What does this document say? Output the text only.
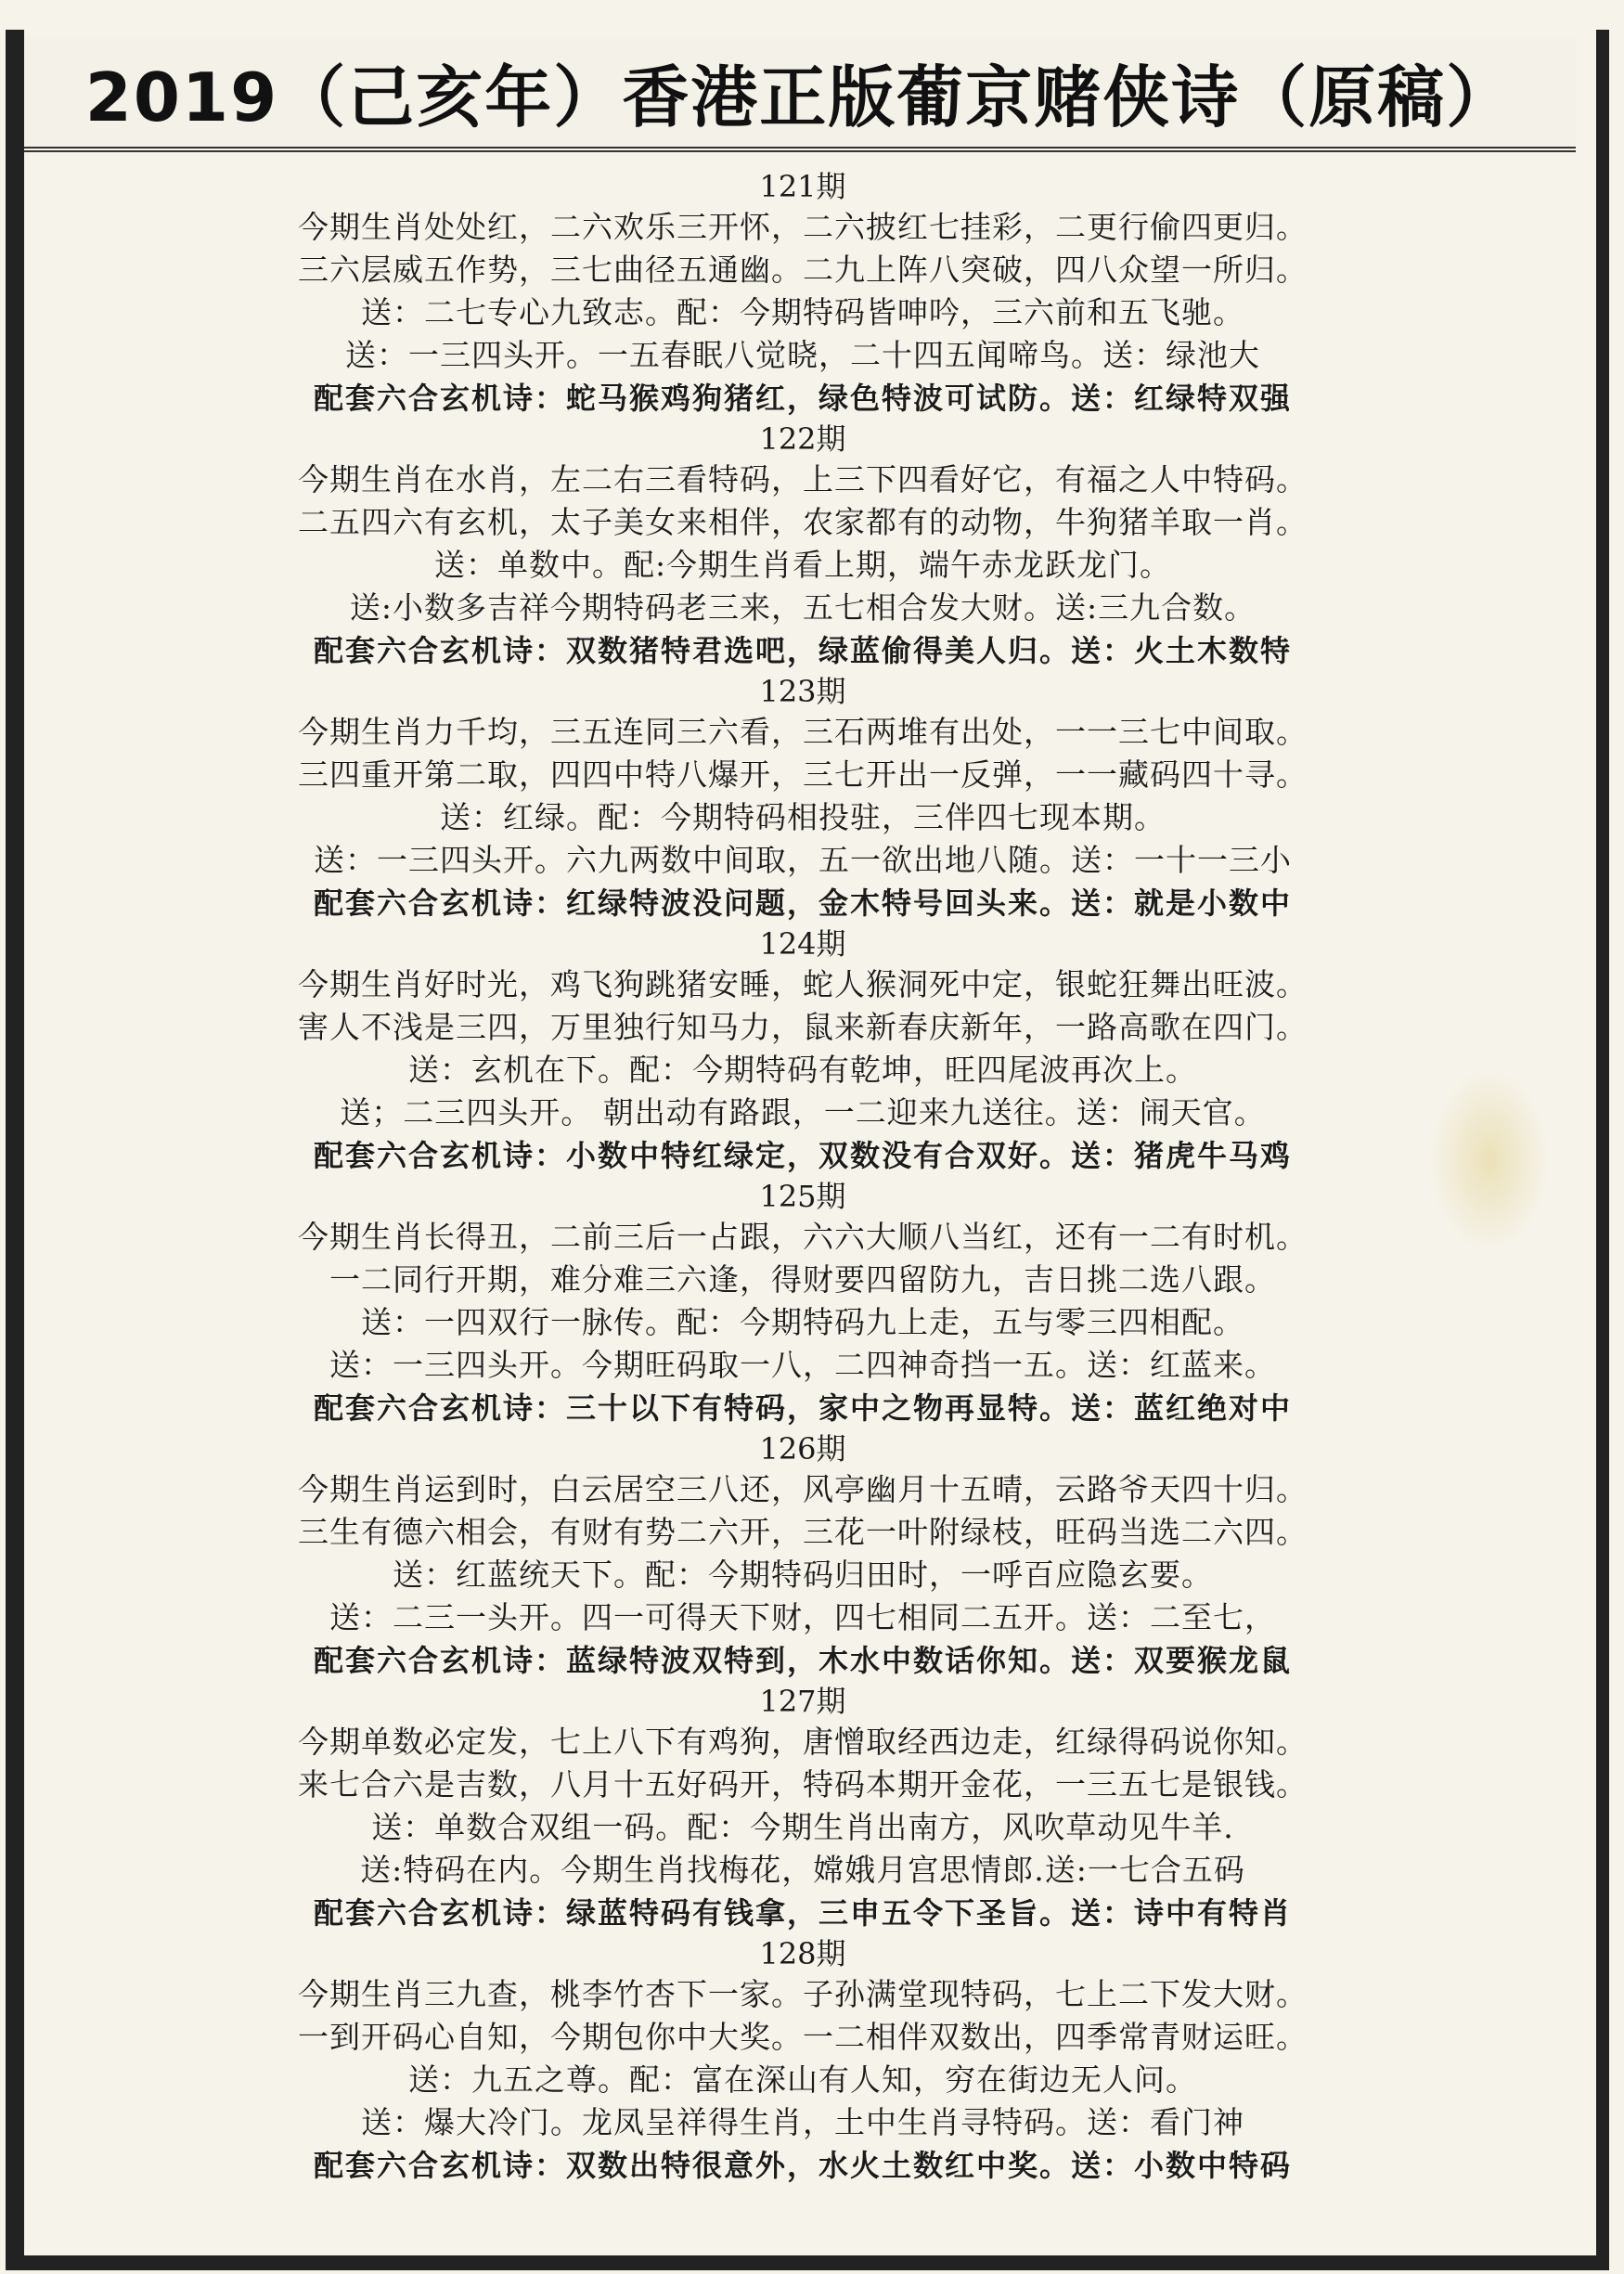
2019（己亥年）香港正版葡京赌侠诗（原稿）
121期
今期生肖处处红，二六欢乐三开怀，二六披红七挂彩，二更行偷四更归。
三六层威五作势，三七曲径五通幽。二九上阵八突破，四八众望一所归。
送：二七专心九致志。配：今期特码皆呻吟，三六前和五飞驰。
送：一三四头开。一五春眠八觉晓，二十四五闻啼鸟。送：绿池大
配套六合玄机诗：蛇马猴鸡狗猪红，绿色特波可试防。送：红绿特双强
122期
今期生肖在水肖，左二右三看特码，上三下四看好它，有福之人中特码。
二五四六有玄机，太子美女来相伴，农家都有的动物，牛狗猪羊取一肖。
送：单数中。配:今期生肖看上期，端午赤龙跃龙门。
送:小数多吉祥今期特码老三来，五七相合发大财。送:三九合数。
配套六合玄机诗：双数猪特君选吧，绿蓝偷得美人归。送：火土木数特
123期
今期生肖力千均，三五连同三六看，三石两堆有出处，一一三七中间取。
三四重开第二取，四四中特八爆开，三七开出一反弹，一一藏码四十寻。
送：红绿。配：今期特码相投驻，三伴四七现本期。
送：一三四头开。六九两数中间取，五一欲出地八随。送：一十一三小
配套六合玄机诗：红绿特波没问题，金木特号回头来。送：就是小数中
124期
今期生肖好时光，鸡飞狗跳猪安睡，蛇人猴洞死中定，银蛇狂舞出旺波。
害人不浅是三四，万里独行知马力，鼠来新春庆新年，一路高歌在四门。
送：玄机在下。配：今期特码有乾坤，旺四尾波再次上。
送；二三四头开。 朝出动有路跟，一二迎来九送往。送：闹天官。
配套六合玄机诗：小数中特红绿定，双数没有合双好。送：猪虎牛马鸡
125期
今期生肖长得丑，二前三后一占跟，六六大顺八当红，还有一二有时机。
一二同行开期，难分难三六逢，得财要四留防九，吉日挑二选八跟。
送：一四双行一脉传。配：今期特码九上走，五与零三四相配。
送：一三四头开。今期旺码取一八，二四神奇挡一五。送：红蓝来。
配套六合玄机诗：三十以下有特码，家中之物再显特。送：蓝红绝对中
126期
今期生肖运到时，白云居空三八还，风亭幽月十五晴，云路爷天四十归。
三生有德六相会，有财有势二六开，三花一叶附绿枝，旺码当选二六四。
送：红蓝统天下。配：今期特码归田时，一呼百应隐玄要。
送：二三一头开。四一可得天下财，四七相同二五开。送：二至七，
配套六合玄机诗：蓝绿特波双特到，木水中数话你知。送：双要猴龙鼠
127期
今期单数必定发，七上八下有鸡狗，唐憎取经西边走，红绿得码说你知。
来七合六是吉数，八月十五好码开，特码本期开金花，一三五七是银钱。
送：单数合双组一码。配：今期生肖出南方，风吹草动见牛羊.
送:特码在内。今期生肖找梅花，嫦娥月宫思情郎.送:一七合五码
配套六合玄机诗：绿蓝特码有钱拿，三申五令下圣旨。送：诗中有特肖
128期
今期生肖三九查，桃李竹杏下一家。子孙满堂现特码，七上二下发大财。
一到开码心自知，今期包你中大奖。一二相伴双数出，四季常青财运旺。
送：九五之尊。配：富在深山有人知，穷在街边无人问。
送：爆大冷门。龙凤呈祥得生肖，土中生肖寻特码。送：看门神
配套六合玄机诗：双数出特很意外，水火土数红中奖。送：小数中特码
